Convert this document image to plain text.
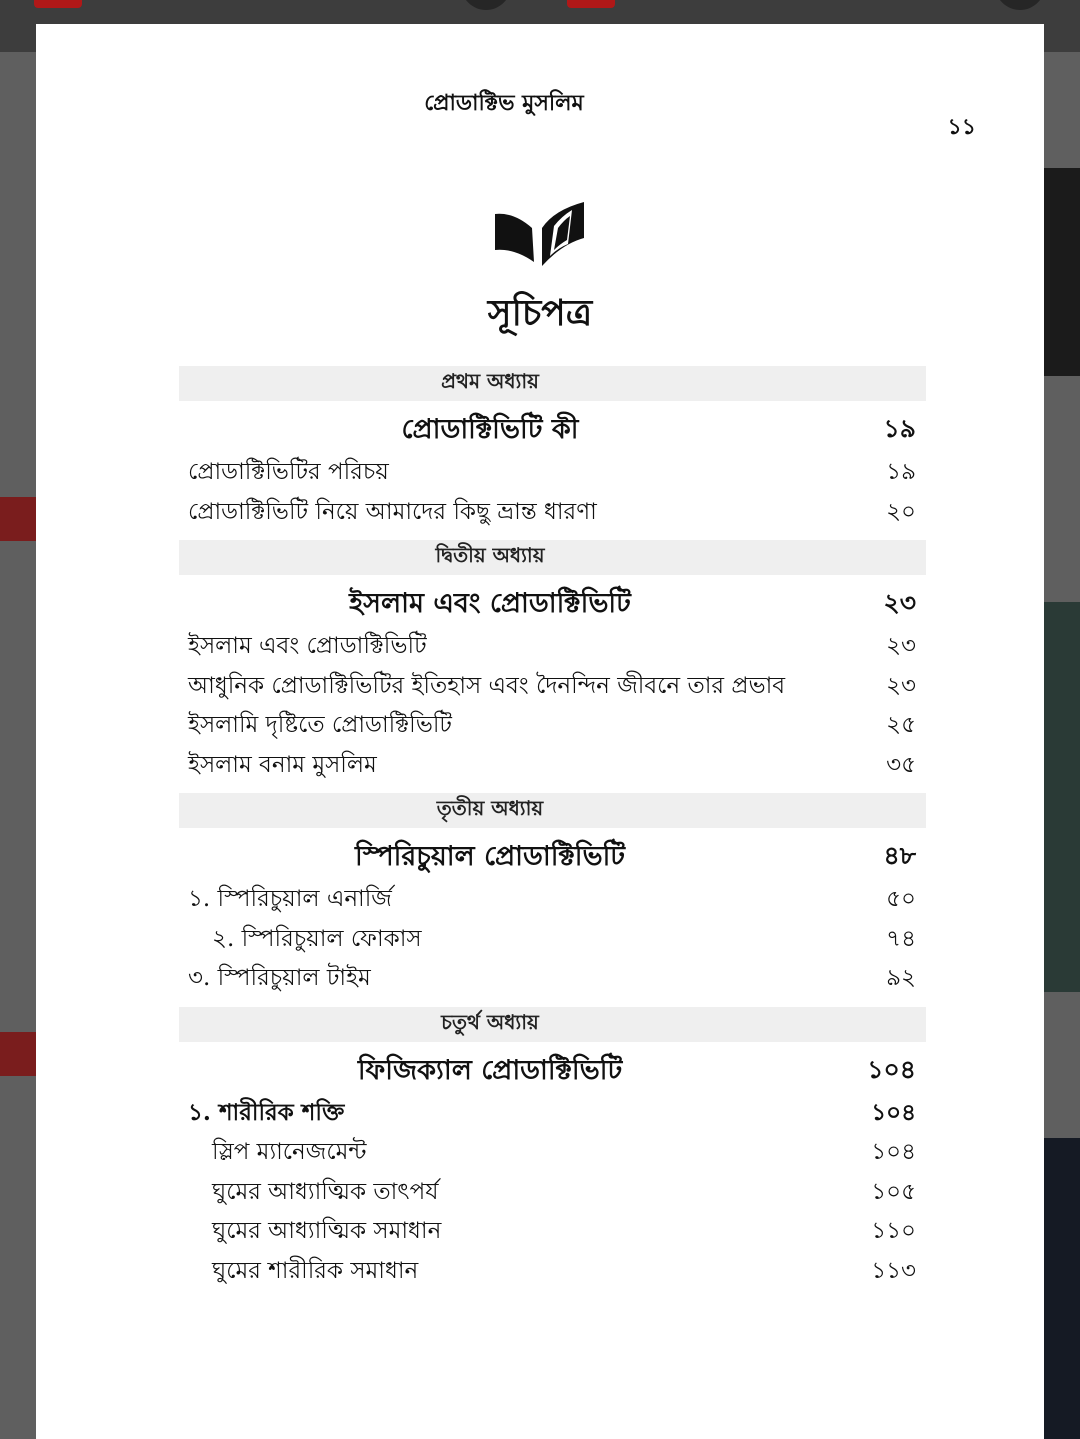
১১
সূচিপত্র
প্রথম অধ্যায়
প্রোডাক্টিভিটি কী	১৯
প্রোডাক্টিভিটির পরিচয়	১৯
প্রোডাক্টিভিটি নিয়ে আমাদের কিছু ভ্রান্ত ধারণা	২০
দ্বিতীয় অধ্যায়
ইসলাম এবং প্রোডাক্টিভিটি	২৩
ইসলাম এবং প্রোডাক্টিভিটি	২৩
আধুনিক প্রোডাক্টিভিটির ইতিহাস এবং দৈনন্দিন জীবনে তার প্রভাব	২৩
ইসলামি দৃষ্টিতে প্রোডাক্টিভিটি	২৫
ইসলাম বনাম মুসলিম	৩৫
তৃতীয় অধ্যায়
স্পিরিচুয়াল প্রোডাক্টিভিটি	৪৮
১. স্পিরিচুয়াল এনার্জি	৫০
২. স্পিরিচুয়াল ফোকাস	৭৪
৩. স্পিরিচুয়াল টাইম	৯২
চতুর্থ অধ্যায়
ফিজিক্যাল প্রোডাক্টিভিটি	১০৪
১. শারীরিক শক্তি	১০৪
স্লিপ ম্যানেজমেন্ট	১০৪
ঘুমের আধ্যাত্মিক তাৎপর্য	১০৫
ঘুমের আধ্যাত্মিক সমাধান	১১০
ঘুমের শারীরিক সমাধান	১১৩
প্রোডাক্টিভ মুসলিম
